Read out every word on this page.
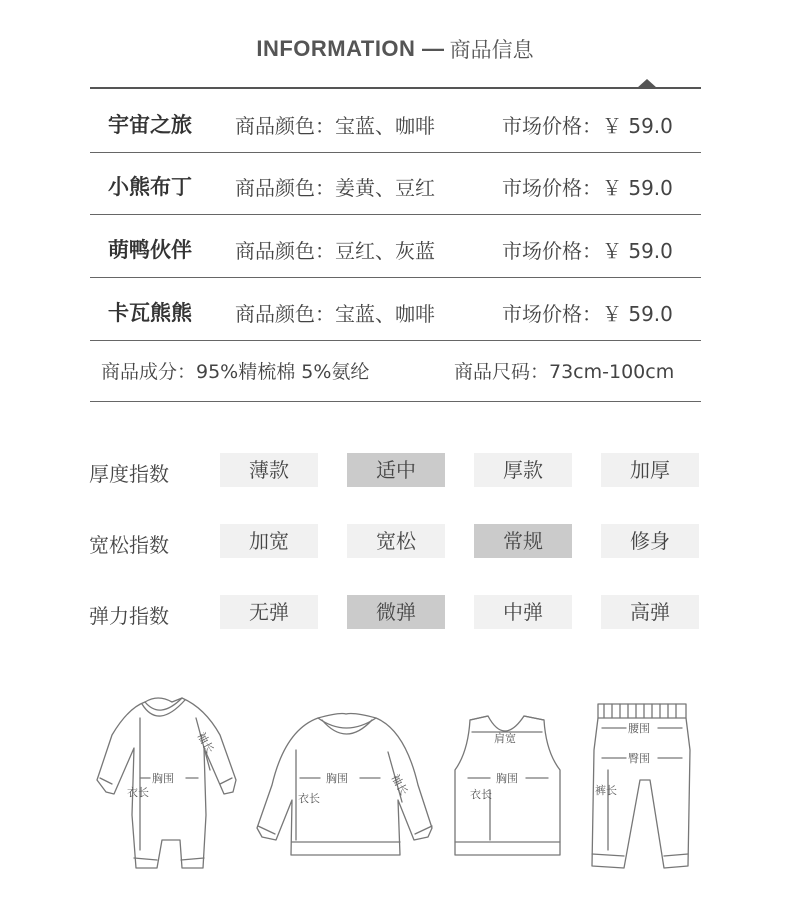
INFORMATION — 商品信息
宇宙之旅 商品颜色：宝蓝、咖啡	市场价格：￥ 59.0
小熊布丁 商品颜色：姜黄、豆红	市场价格：￥ 59.0
萌鸭伙伴 商品颜色：豆红、灰蓝	市场价格：￥ 59.0
卡瓦熊熊 商品颜色：宝蓝、咖啡	市场价格：￥ 59.0
商品成分：95%精梳棉 5%氨纶	商品尺码：73cm-100cm
厚度指数	薄款	适中	厚款	加厚
宽松指数	加宽	宽松	常规	修身
弹力指数	无弹	微弹	中弹	高弹
胸围
衣长
袖长
胸围
衣长
袖长
肩宽
胸围
衣长
腰围
臀围
裤长
